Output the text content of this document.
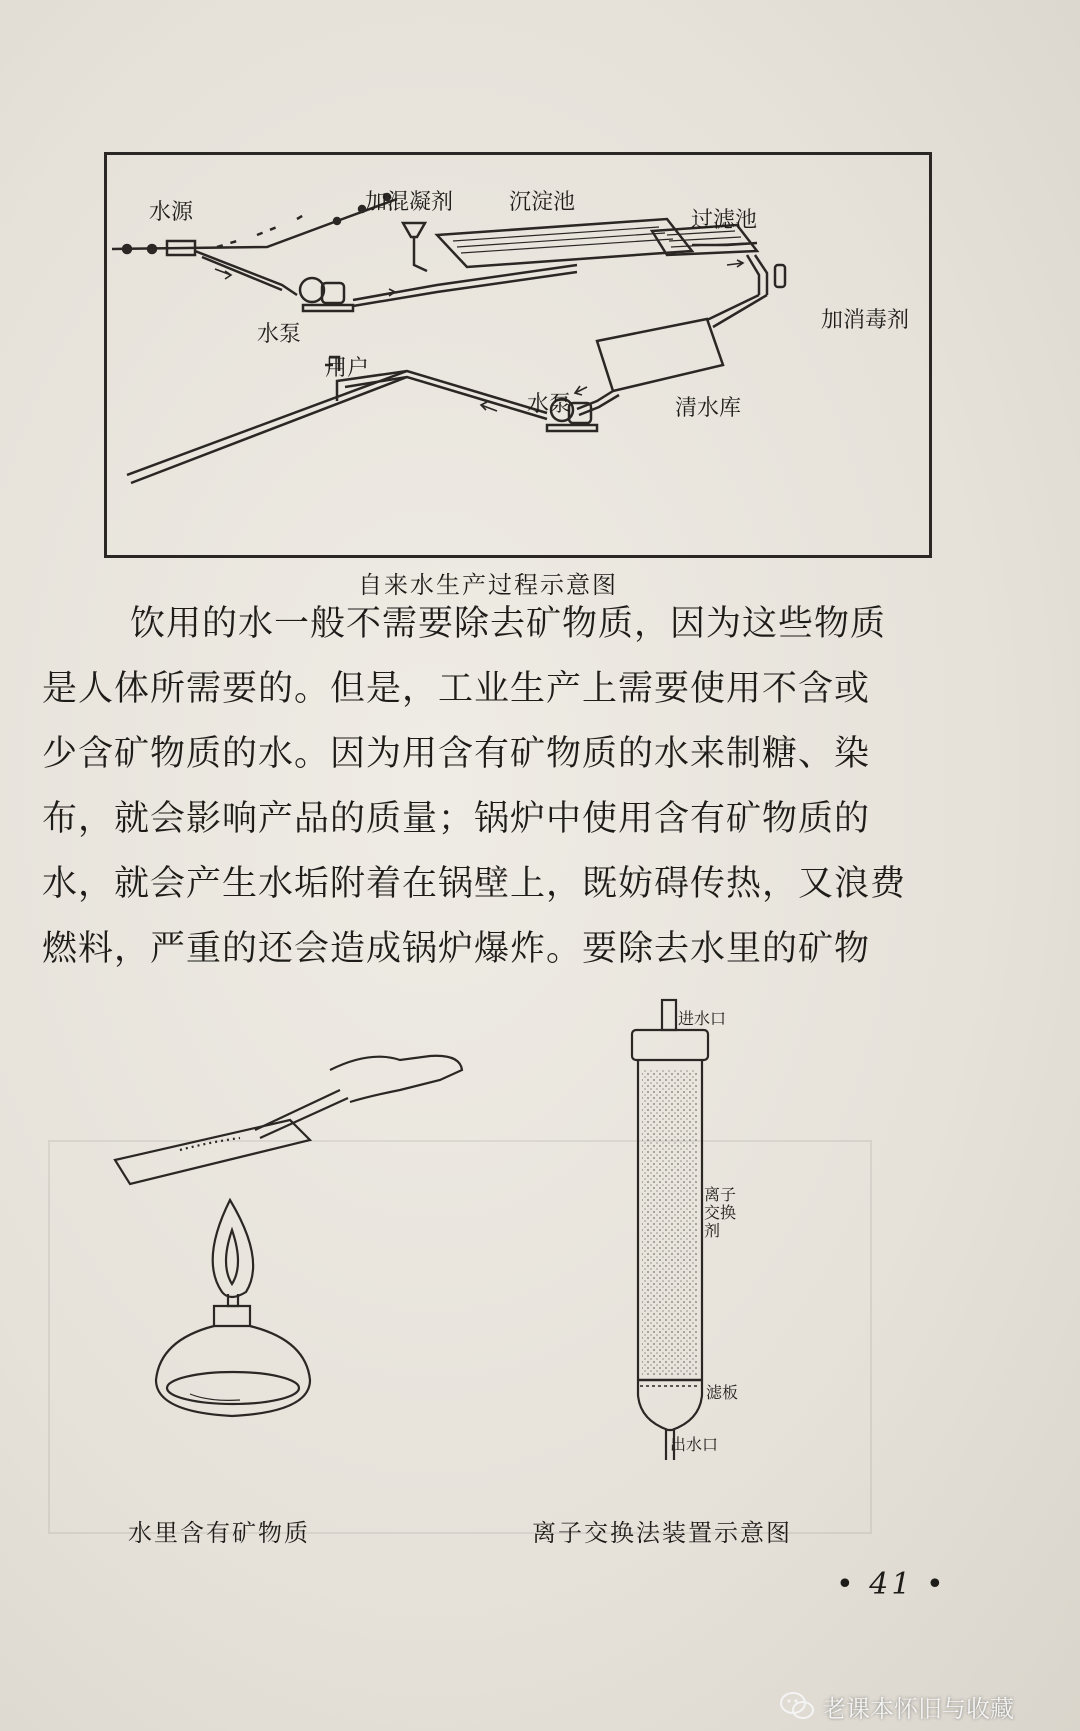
水源	加混凝剂	沉淀池
过滤池
水泵
加消毒剂
用户
水泵	清水库
自来水生产过程示意图

饮用的水一般不需要除去矿物质，因为这些物质
是人体所需要的。但是，工业生产上需要使用不含或
少含矿物质的水。因为用含有矿物质的水来制糖、染
布，就会影响产品的质量；锅炉中使用含有矿物质的
水，就会产生水垢附着在锅壁上，既妨碍传热，又浪费
燃料，严重的还会造成锅炉爆炸。要除去水里的矿物

水里含有矿物质
进水口
离子交换剂
滤板
出水口
离子交换法装置示意图
• 41 •
老课本怀旧与收藏
